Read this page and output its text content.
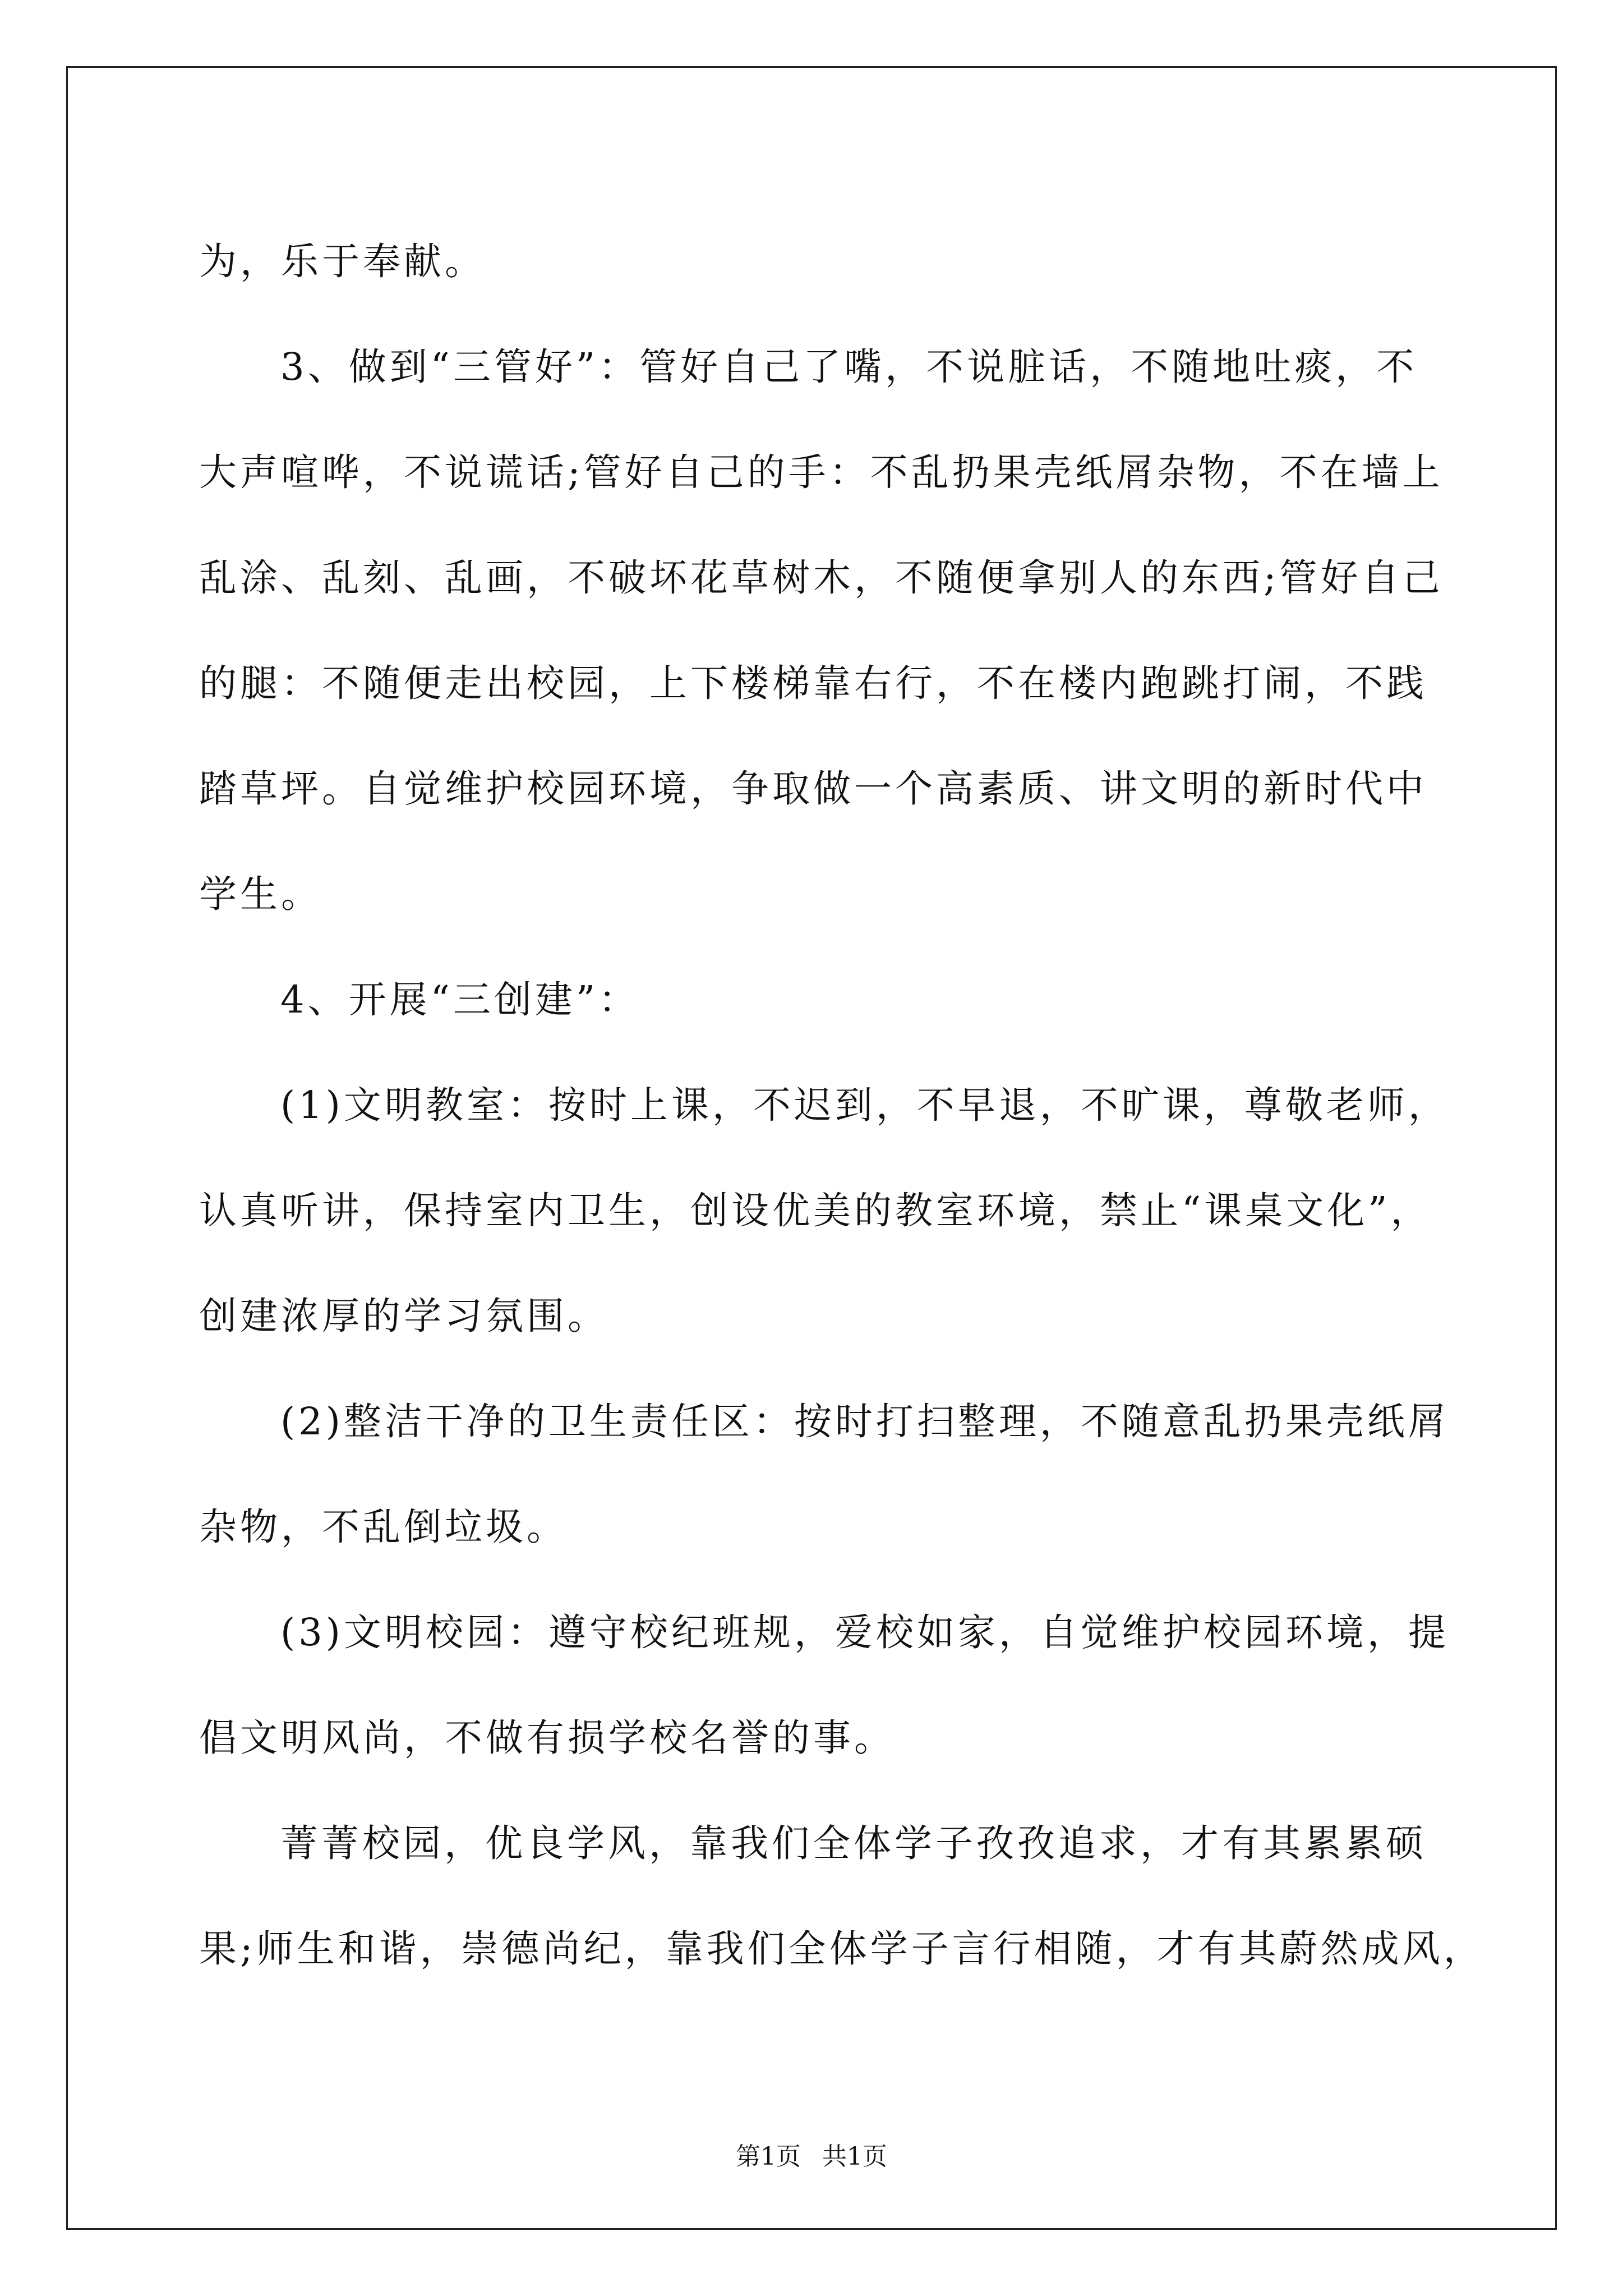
为，乐于奉献。
3、做到“三管好”：管好自己了嘴，不说脏话，不随地吐痰，不
大声喧哗，不说谎话;管好自己的手：不乱扔果壳纸屑杂物，不在墙上
乱涂、乱刻、乱画，不破坏花草树木，不随便拿别人的东西;管好自己
的腿：不随便走出校园，上下楼梯靠右行，不在楼内跑跳打闹，不践
踏草坪。自觉维护校园环境，争取做一个高素质、讲文明的新时代中
学生。
4、开展“三创建”：
(1)文明教室：按时上课，不迟到，不早退，不旷课，尊敬老师，
认真听讲，保持室内卫生，创设优美的教室环境，禁止“课桌文化”，
创建浓厚的学习氛围。
(2)整洁干净的卫生责任区：按时打扫整理，不随意乱扔果壳纸屑
杂物，不乱倒垃圾。
(3)文明校园：遵守校纪班规，爱校如家，自觉维护校园环境，提
倡文明风尚，不做有损学校名誉的事。
菁菁校园，优良学风，靠我们全体学子孜孜追求，才有其累累硕
果;师生和谐，崇德尚纪，靠我们全体学子言行相随，才有其蔚然成风，
第1页 共1页
